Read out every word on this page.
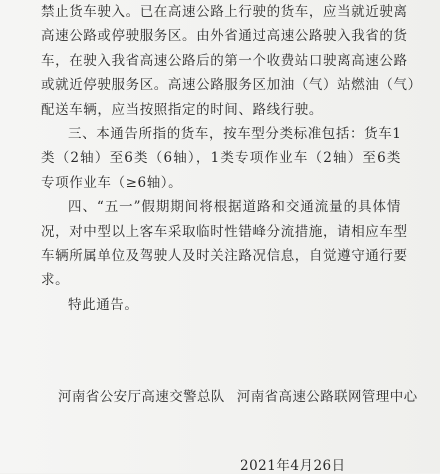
禁止货车驶入。已在高速公路上行驶的货车，应当就近驶离
高速公路或停驶服务区。由外省通过高速公路驶入我省的货
车，在驶入我省高速公路后的第一个收费站口驶离高速公路
或就近停驶服务区。高速公路服务区加油（气）站燃油（气）
配送车辆，应当按照指定的时间、路线行驶。
三、本通告所指的货车，按车型分类标准包括：货车1
类（2轴）至6类（6轴），1类专项作业车（2轴）至6类
专项作业车（≥6轴）。
四、“五一”假期期间将根据道路和交通流量的具体情
况，对中型以上客车采取临时性错峰分流措施，请相应车型
车辆所属单位及驾驶人及时关注路况信息，自觉遵守通行要
求。
特此通告。
河南省公安厅高速交警总队 河南省高速公路联网管理中心
2021年4月26日
